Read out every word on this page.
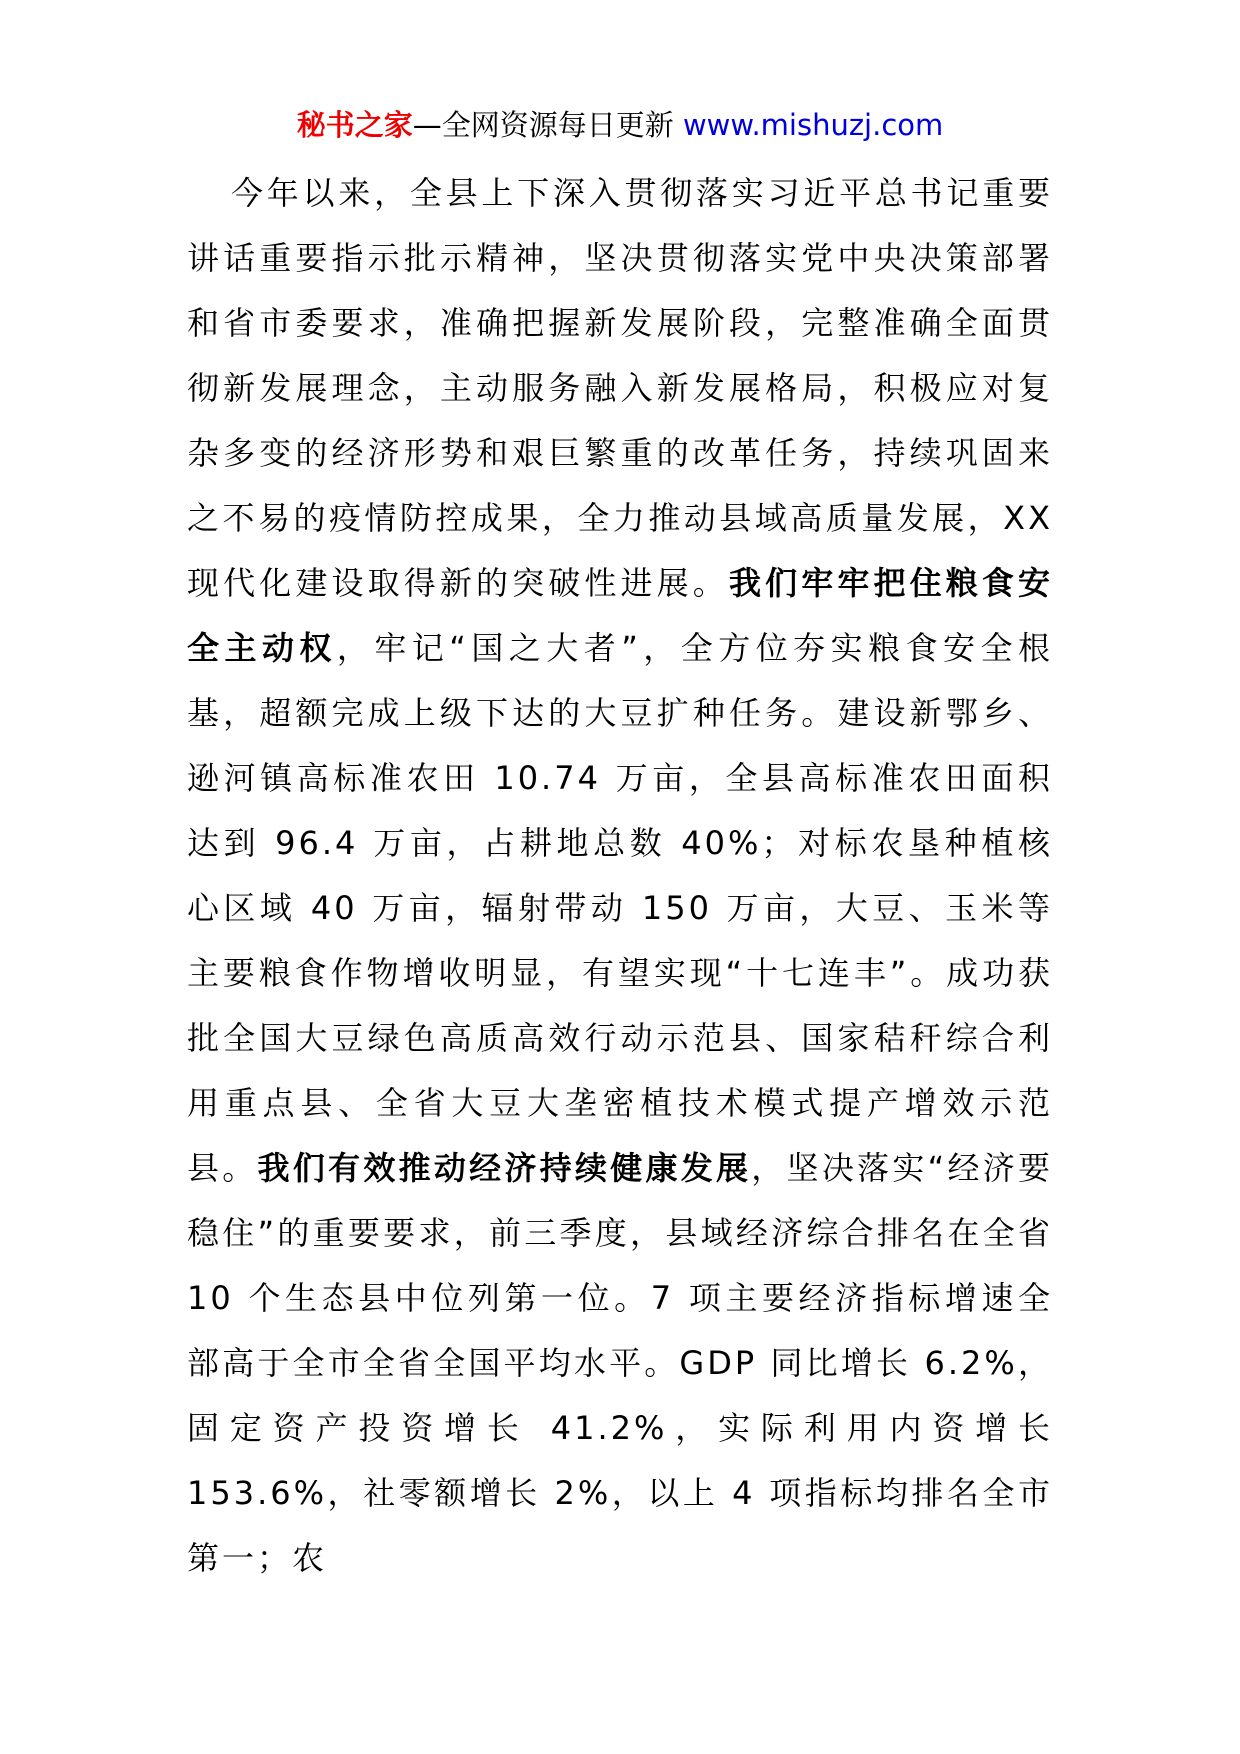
秘书之家—全网资源每日更新 www.mishuzj.com

今年以来，全县上下深入贯彻落实习近平总书记重要讲话重要指示批示精神，坚决贯彻落实党中央决策部署和省市委要求，准确把握新发展阶段，完整准确全面贯彻新发展理念，主动服务融入新发展格局，积极应对复杂多变的经济形势和艰巨繁重的改革任务，持续巩固来之不易的疫情防控成果，全力推动县域高质量发展，XX 现代化建设取得新的突破性进展。我们牢牢把住粮食安全主动权，牢记“国之大者”，全方位夯实粮食安全根基，超额完成上级下达的大豆扩种任务。建设新鄂乡、逊河镇高标准农田 10.74 万亩，全县高标准农田面积达到 96.4 万亩，占耕地总数 40%；对标农垦种植核心区域 40 万亩，辐射带动 150 万亩，大豆、玉米等主要粮食作物增收明显，有望实现“十七连丰”。成功获批全国大豆绿色高质高效行动示范县、国家秸秆综合利用重点县、全省大豆大垄密植技术模式提产增效示范县。我们有效推动经济持续健康发展，坚决落实“经济要稳住”的重要要求，前三季度，县域经济综合排名在全省 10 个生态县中位列第一位。7 项主要经济指标增速全部高于全市全省全国平均水平。GDP 同比增长 6.2%，固定资产投资增长 41.2%，实际利用内资增长 153.6%，社零额增长 2%，以上 4 项指标均排名全市第一；农
